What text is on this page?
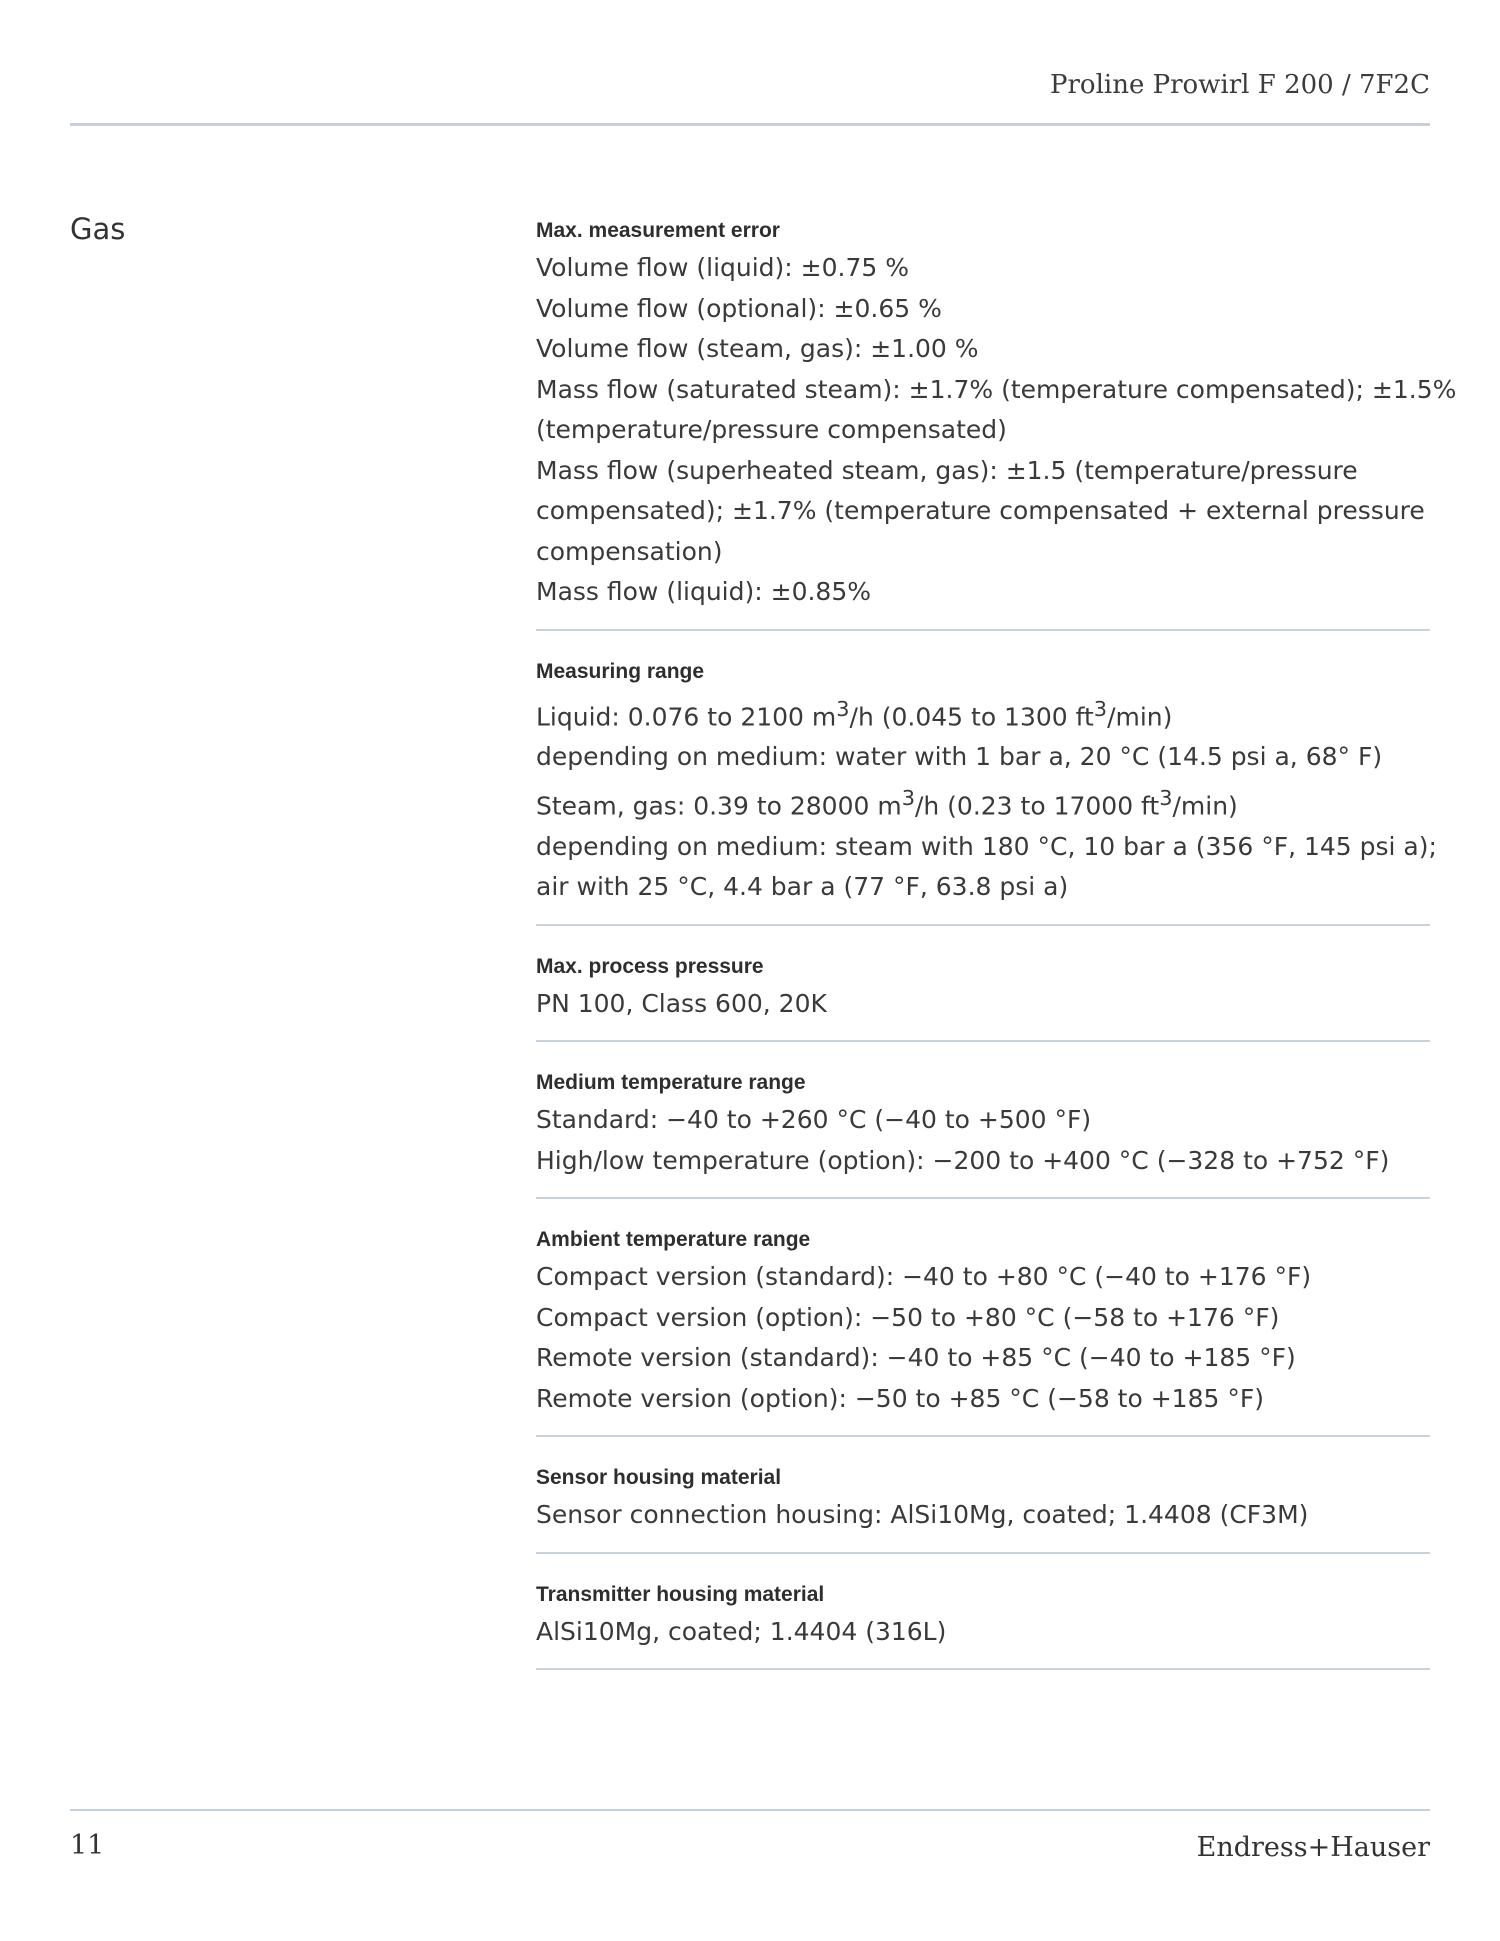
Proline Prowirl F 200 / 7F2C
Gas	Max. measurement error
Volume flow (liquid): ±0.75 %
Volume flow (optional): ±0.65 %
Volume flow (steam, gas): ±1.00 %
Mass flow (saturated steam): ±1.7% (temperature compensated); ±1.5%
(temperature/pressure compensated)
Mass flow (superheated steam, gas): ±1.5 (temperature/pressure
compensated); ±1.7% (temperature compensated + external pressure
compensation)
Mass flow (liquid): ±0.85%
Measuring range
Liquid: 0.076 to 2100 $m^3/h$ (0.045 to 1300 $ft^3/\min$)
depending on medium: water with 1 bar a, 20 °C (14.5 psi a, 68° F)
Steam, gas: 0.39 to 28000 $m^3/h$ (0.23 to 17000 $ft^3/\min$)
depending on medium: steam with 180 °C, 10 bar a (356 °F, 145 psi a);
air with 25 °C, 4.4 bar a (77 °F, 63.8 psi a)
Max. process pressure
PN 100, Class 600, 20K
Medium temperature range
Standard: −40 to +260 °C (−40 to +500 °F)
High/low temperature (option): −200 to +400 °C (−328 to +752 °F)
Ambient temperature range
Compact version (standard): −40 to +80 °C (−40 to +176 °F)
Compact version (option): −50 to +80 °C (−58 to +176 °F)
Remote version (standard): −40 to +85 °C (−40 to +185 °F)
Remote version (option): −50 to +85 °C (−58 to +185 °F)
Sensor housing material
Sensor connection housing: AlSi10Mg, coated; 1.4408 (CF3M)
Transmitter housing material
AlSi10Mg, coated; 1.4404 (316L)
11	Endress+Hauser
